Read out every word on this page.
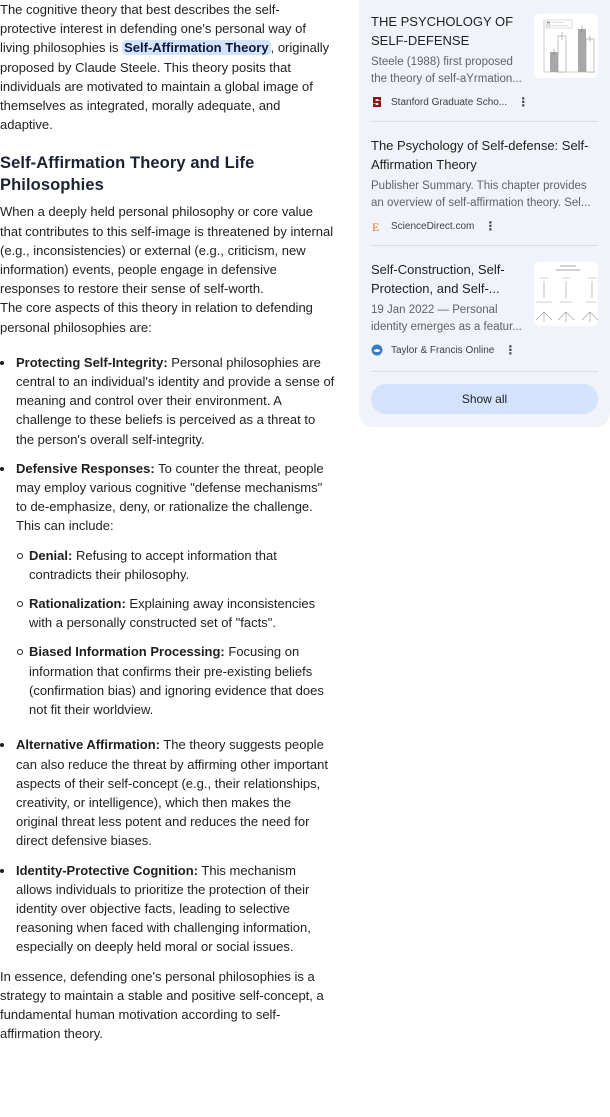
The cognitive theory that best describes the self-protective interest in defending one's personal way of living philosophies is Self-Affirmation Theory , originally proposed by Claude Steele. This theory posits that individuals are motivated to maintain a global image of themselves as integrated, morally adequate, and adaptive.

Self-Affirmation Theory and Life Philosophies

When a deeply held personal philosophy or core value that contributes to this self-image is threatened by internal (e.g., inconsistencies) or external (e.g., criticism, new information) events, people engage in defensive responses to restore their sense of self-worth.

The core aspects of this theory in relation to defending personal philosophies are:

Protecting Self-Integrity: Personal philosophies are central to an individual's identity and provide a sense of meaning and control over their environment. A challenge to these beliefs is perceived as a threat to the person's overall self-integrity.
Defensive Responses: To counter the threat, people may employ various cognitive "defense mechanisms" to de-emphasize, deny, or rationalize the challenge. This can include:
Denial: Refusing to accept information that contradicts their philosophy.
Rationalization: Explaining away inconsistencies with a personally constructed set of "facts".
Biased Information Processing: Focusing on information that confirms their pre-existing beliefs (confirmation bias) and ignoring evidence that does not fit their worldview.
Alternative Affirmation: The theory suggests people can also reduce the threat by affirming other important aspects of their self-concept (e.g., their relationships, creativity, or intelligence), which then makes the original threat less potent and reduces the need for direct defensive biases.
Identity-Protective Cognition: This mechanism allows individuals to prioritize the protection of their identity over objective facts, leading to selective reasoning when faced with challenging information, especially on deeply held moral or social issues.

In essence, defending one's personal philosophies is a strategy to maintain a stable and positive self-concept, a fundamental human motivation according to self-affirmation theory.

THE PSYCHOLOGY OF SELF-DEFENSE
Steele (1988) first proposed
the theory of self-aYrmation...
Stanford Graduate Scho... ⋮
The Psychology of Self-defense: Self-Affirmation Theory
Publisher Summary. This chapter provides
an overview of self-affirmation theory. Sel...
E ScienceDirect.com ⋮
Self-Construction, Self-Protection, and Self-...
19 Jan 2022 — Personal
identity emerges as a featur...
Taylor & Francis Online ⋮
Show all
